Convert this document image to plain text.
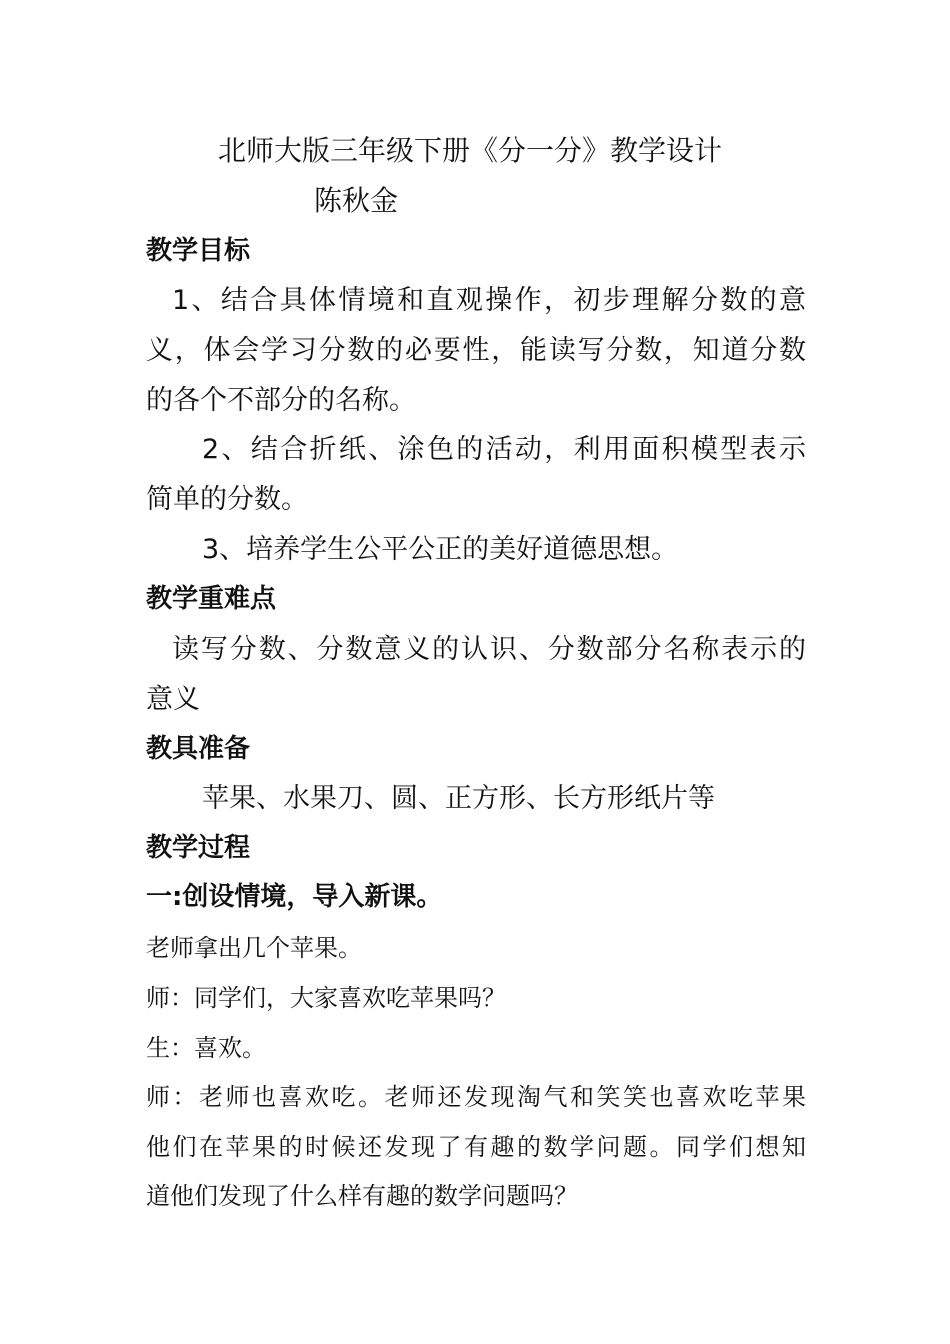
北师大版三年级下册《分一分》教学设计
陈秋金
教学目标
1、结合具体情境和直观操作，初步理解分数的意
义，体会学习分数的必要性，能读写分数，知道分数
的各个不部分的名称。
2、结合折纸、涂色的活动，利用面积模型表示
简单的分数。
3、培养学生公平公正的美好道德思想。
教学重难点
读写分数、分数意义的认识、分数部分名称表示的
意义
教具准备
苹果、水果刀、圆、正方形、长方形纸片等
教学过程
一:创设情境，导入新课。
老师拿出几个苹果。
师：同学们，大家喜欢吃苹果吗？
生：喜欢。
师：老师也喜欢吃。老师还发现淘气和笑笑也喜欢吃苹果
他们在苹果的时候还发现了有趣的数学问题。同学们想知
道他们发现了什么样有趣的数学问题吗？
